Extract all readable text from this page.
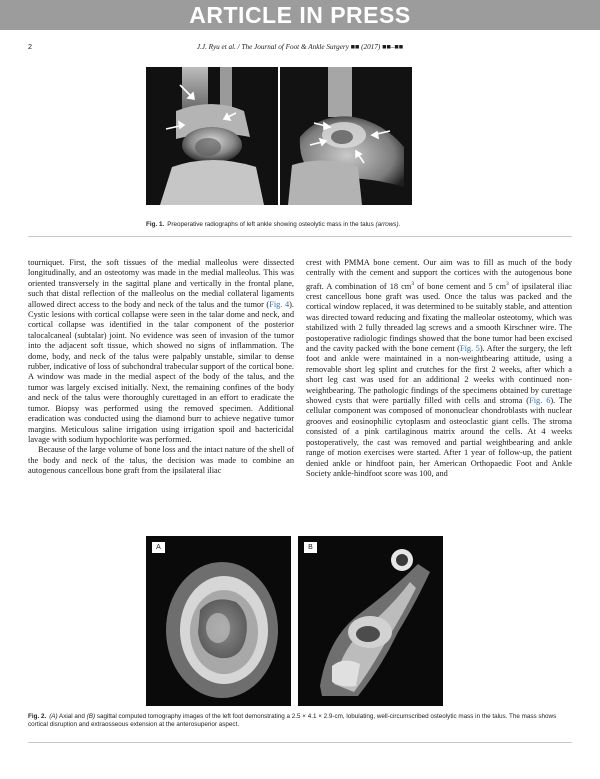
ARTICLE IN PRESS
2	J.J. Ryu et al. / The Journal of Foot & Ankle Surgery ■■ (2017) ■■–■■
Fig. 1. Preoperative radiographs of left ankle showing osteolytic mass in the talus (arrows).

tourniquet. First, the soft tissues of the medial malleolus were dissected longitudinally, and an osteotomy was made in the medial malleolus. This was oriented transversely in the sagittal plane and vertically in the frontal plane, such that distal reflection of the malleolus on the medial collateral ligaments allowed direct access to the body and neck of the talus and the tumor (Fig. 4). Cystic lesions with cortical collapse were seen in the talar dome and neck, and cortical collapse was identified in the talar component of the posterior talocalcaneal (subtalar) joint. No evidence was seen of invasion of the tumor into the adjacent soft tissue, which showed no signs of inflammation. The dome, body, and neck of the talus were palpably unstable, similar to dense rubber, indicative of loss of subchondral trabecular support of the cortical bone. A window was made in the medial aspect of the body of the talus, and the tumor was largely excised initially. Next, the remaining confines of the body and neck of the talus were thoroughly curettaged in an effort to eradicate the tumor. Biopsy was performed using the removed specimen. Additional eradication was conducted using the diamond burr to achieve negative tumor margins. Meticulous saline irrigation using irrigation spoil and bactericidal lavage with sodium hypochlorite was performed.

Because of the large volume of bone loss and the intact nature of the shell of the body and neck of the talus, the decision was made to combine an autogenous cancellous bone graft from the ipsilateral iliac

crest with PMMA bone cement. Our aim was to fill as much of the body centrally with the cement and support the cortices with the autogenous bone graft. A combination of 18 $cm^3$ of bone cement and 5 $cm^3$ of ipsilateral iliac crest cancellous bone graft was used. Once the talus was packed and the cortical window replaced, it was determined to be suitably stable, and attention was directed toward reducing and fixating the malleolar osteotomy, which was stabilized with 2 fully threaded lag screws and a smooth Kirschner wire. The postoperative radiologic findings showed that the bone tumor had been excised and the cavity packed with the bone cement (Fig. 5). After the surgery, the left foot and ankle were maintained in a non-weightbearing attitude, using a removable short leg splint and crutches for the first 2 weeks, after which a short leg cast was used for an additional 2 weeks with continued non-weightbearing. The pathologic findings of the specimens obtained by curettage showed cysts that were partially filled with cells and stroma (Fig. 6). The cellular component was composed of mononuclear chondroblasts with nuclear grooves and eosinophilic cytoplasm and osteoclastic giant cells. The stroma consisted of a pink cartilaginous matrix around the cells. At 4 weeks postoperatively, the cast was removed and partial weightbearing and ankle range of motion exercises were started. After 1 year of follow-up, the patient denied ankle or hindfoot pain, her American Orthopaedic Foot and Ankle Society ankle-hindfoot score was 100, and

A	B
Fig. 2. (A) Axial and (B) sagittal computed tomography images of the left foot demonstrating a 2.5 × 4.1 × 2.9-cm, lobulating, well-circumscribed osteolytic mass in the talus. The mass shows cortical disruption and extraosseous extension at the anterosuperior aspect.
